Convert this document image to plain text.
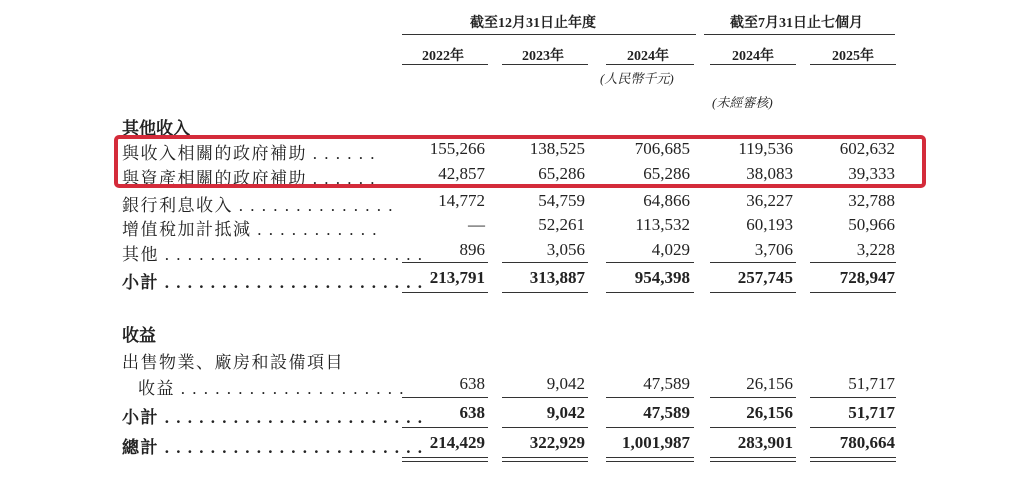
截至12月31日止年度	截至7月31日止七個月
2022年	2023年	2024年	2024年	2025年
(人民幣千元)
(未經審核)
其他收入
與收入相關的政府補助 . . . . . .	155,266	138,525	706,685	119,536	602,632
與資產相關的政府補助 . . . . . .	42,857	65,286	65,286	38,083	39,333
銀行利息收入 . . . . . . . . . . . . . .	14,772	54,759	64,866	36,227	32,788
增值稅加計抵減 . . . . . . . . . . .	—	52,261	113,532	60,193	50,966
其他 . . . . . . . . . . . . . . . . . . . . . . .	896	3,056	4,029	3,706	3,228
小計 . . . . . . . . . . . . . . . . . . . . . . . 213,791	313,887	954,398	257,745	728,947
收益
出售物業、廠房和設備項目
收益 . . . . . . . . . . . . . . . . . . . .	638	9,042	47,589	26,156	51,717
小計 . . . . . . . . . . . . . . . . . . . . . . .	638	9,042	47,589	26,156	51,717
總計 . . . . . . . . . . . . . . . . . . . . . . . 214,429	322,929	1,001,987	283,901	780,664
